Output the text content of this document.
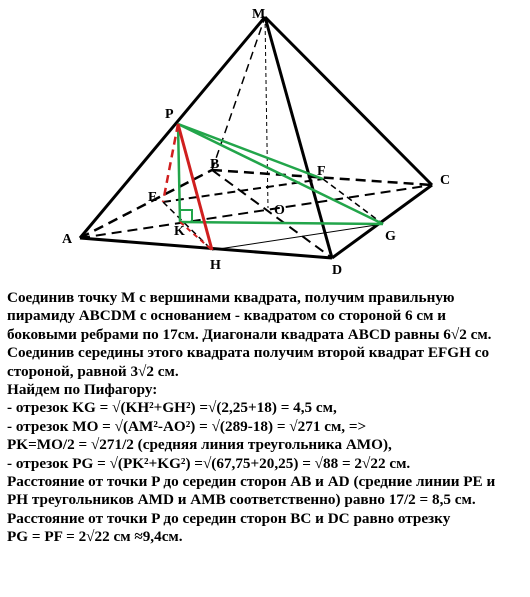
M
P
B	F
C
E
O
K
A	G
H	D
Соединив точку M с вершинами квадрата, получим правильную
пирамиду ABCDM с основанием - квадратом со стороной 6 см и
боковыми ребрами по 17см. Диагонали квадрата ABCD равны 6√2 см.
Соединив середины этого квадрата получим второй квадрат EFGH со
стороной, равной 3√2 см.
Найдем по Пифагору:
- отрезок KG = √(KH²+GH²) =√(2,25+18) = 4,5 см,
- отрезок MO = √(AM²-AO²) = √(289-18) = √271 см, =>
PK=MO/2 = √271/2 (средняя линия треугольника AMO),
- отрезок PG = √(PK²+KG²) =√(67,75+20,25) = √88 = 2√22 см.
Расстояние от точки P до середин сторон AB и AD (средние линии PE и
PH треугольников AMD и AMB соответственно) равно 17/2 = 8,5 см.
Расстояние от точки P до середин сторон BC и DC равно отрезку
PG = PF = 2√22 см ≈9,4см.
